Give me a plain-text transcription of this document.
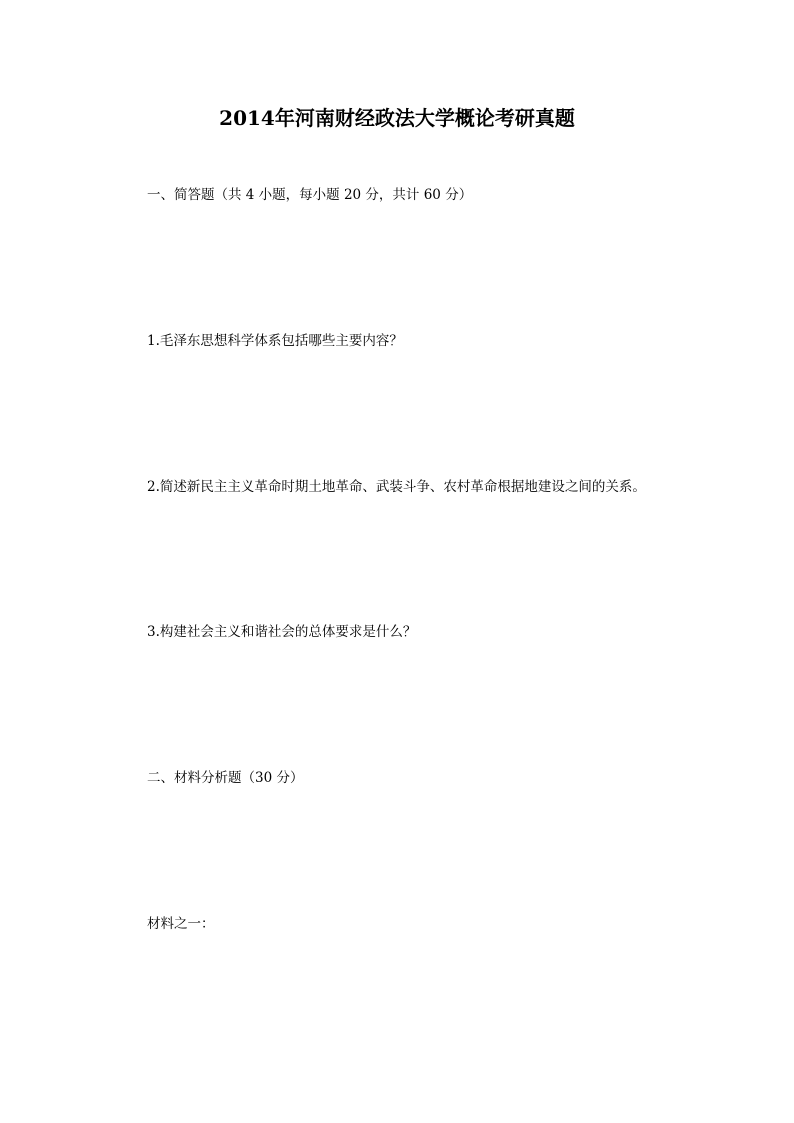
2014年河南财经政法大学概论考研真题
一、简答题（共 4 小题，每小题 20 分，共计 60 分）
1.毛泽东思想科学体系包括哪些主要内容？
2.简述新民主主义革命时期土地革命、武装斗争、农村革命根据地建设之间的关系。
3.构建社会主义和谐社会的总体要求是什么？
二、材料分析题（30 分）
材料之一：
